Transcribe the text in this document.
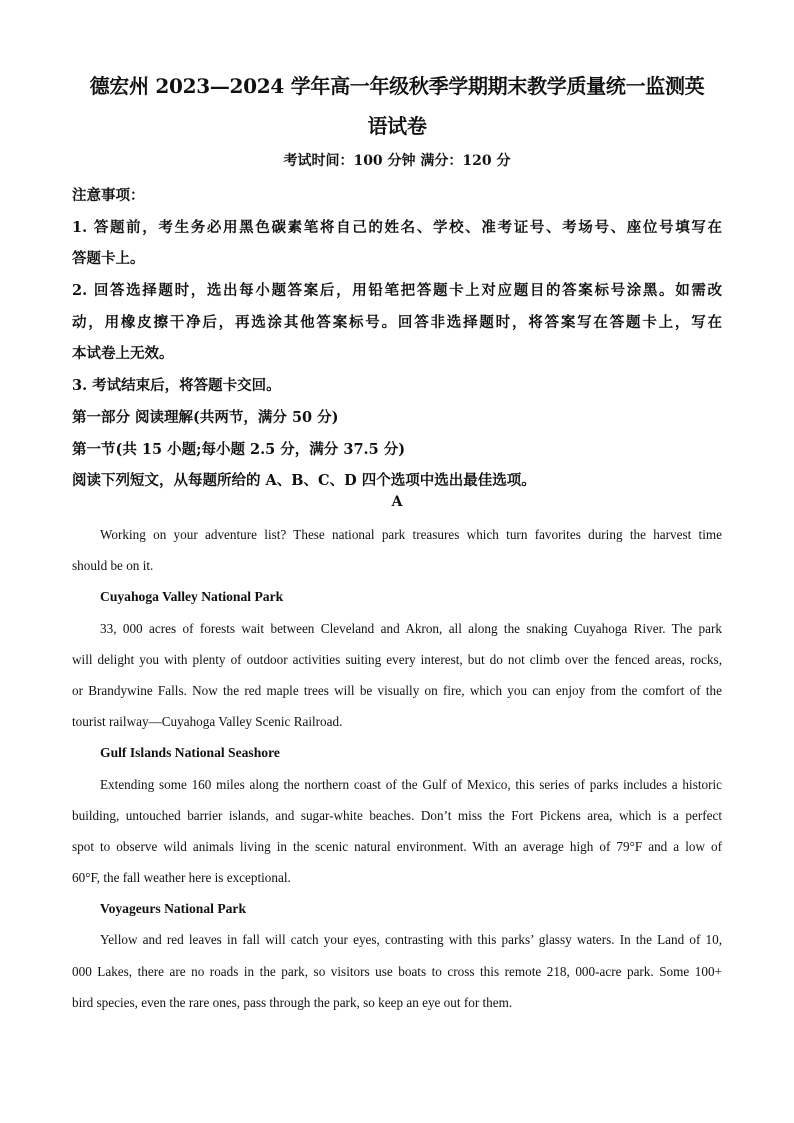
德宏州 2023—2024 学年高一年级秋季学期期末教学质量统一监测英
语试卷
考试时间：100 分钟 满分：120 分
注意事项：
1. 答题前，考生务必用黑色碳素笔将自己的姓名、学校、准考证号、考场号、座位号填写在
答题卡上。
2. 回答选择题时，选出每小题答案后，用铅笔把答题卡上对应题目的答案标号涂黑。如需改
动，用橡皮擦干净后，再选涂其他答案标号。回答非选择题时，将答案写在答题卡上，写在
本试卷上无效。
3. 考试结束后，将答题卡交回。
第一部分 阅读理解(共两节，满分 50 分)
第一节(共 15 小题;每小题 2.5 分，满分 37.5 分)
阅读下列短文，从每题所给的 A、B、C、D 四个选项中选出最佳选项。
A
Working on your adventure list? These national park treasures which turn favorites during the harvest time
should be on it.
Cuyahoga Valley National Park
33, 000 acres of forests wait between Cleveland and Akron, all along the snaking Cuyahoga River. The park
will delight you with plenty of outdoor activities suiting every interest, but do not climb over the fenced areas, rocks,
or Brandywine Falls. Now the red maple trees will be visually on fire, which you can enjoy from the comfort of the
tourist railway—Cuyahoga Valley Scenic Railroad.
Gulf Islands National Seashore
Extending some 160 miles along the northern coast of the Gulf of Mexico, this series of parks includes a historic
building, untouched barrier islands, and sugar-white beaches. Don’t miss the Fort Pickens area, which is a perfect
spot to observe wild animals living in the scenic natural environment. With an average high of 79°F and a low of
60°F, the fall weather here is exceptional.
Voyageurs National Park
Yellow and red leaves in fall will catch your eyes, contrasting with this parks’ glassy waters. In the Land of 10,
000 Lakes, there are no roads in the park, so visitors use boats to cross this remote 218, 000-acre park. Some 100+
bird species, even the rare ones, pass through the park, so keep an eye out for them.
